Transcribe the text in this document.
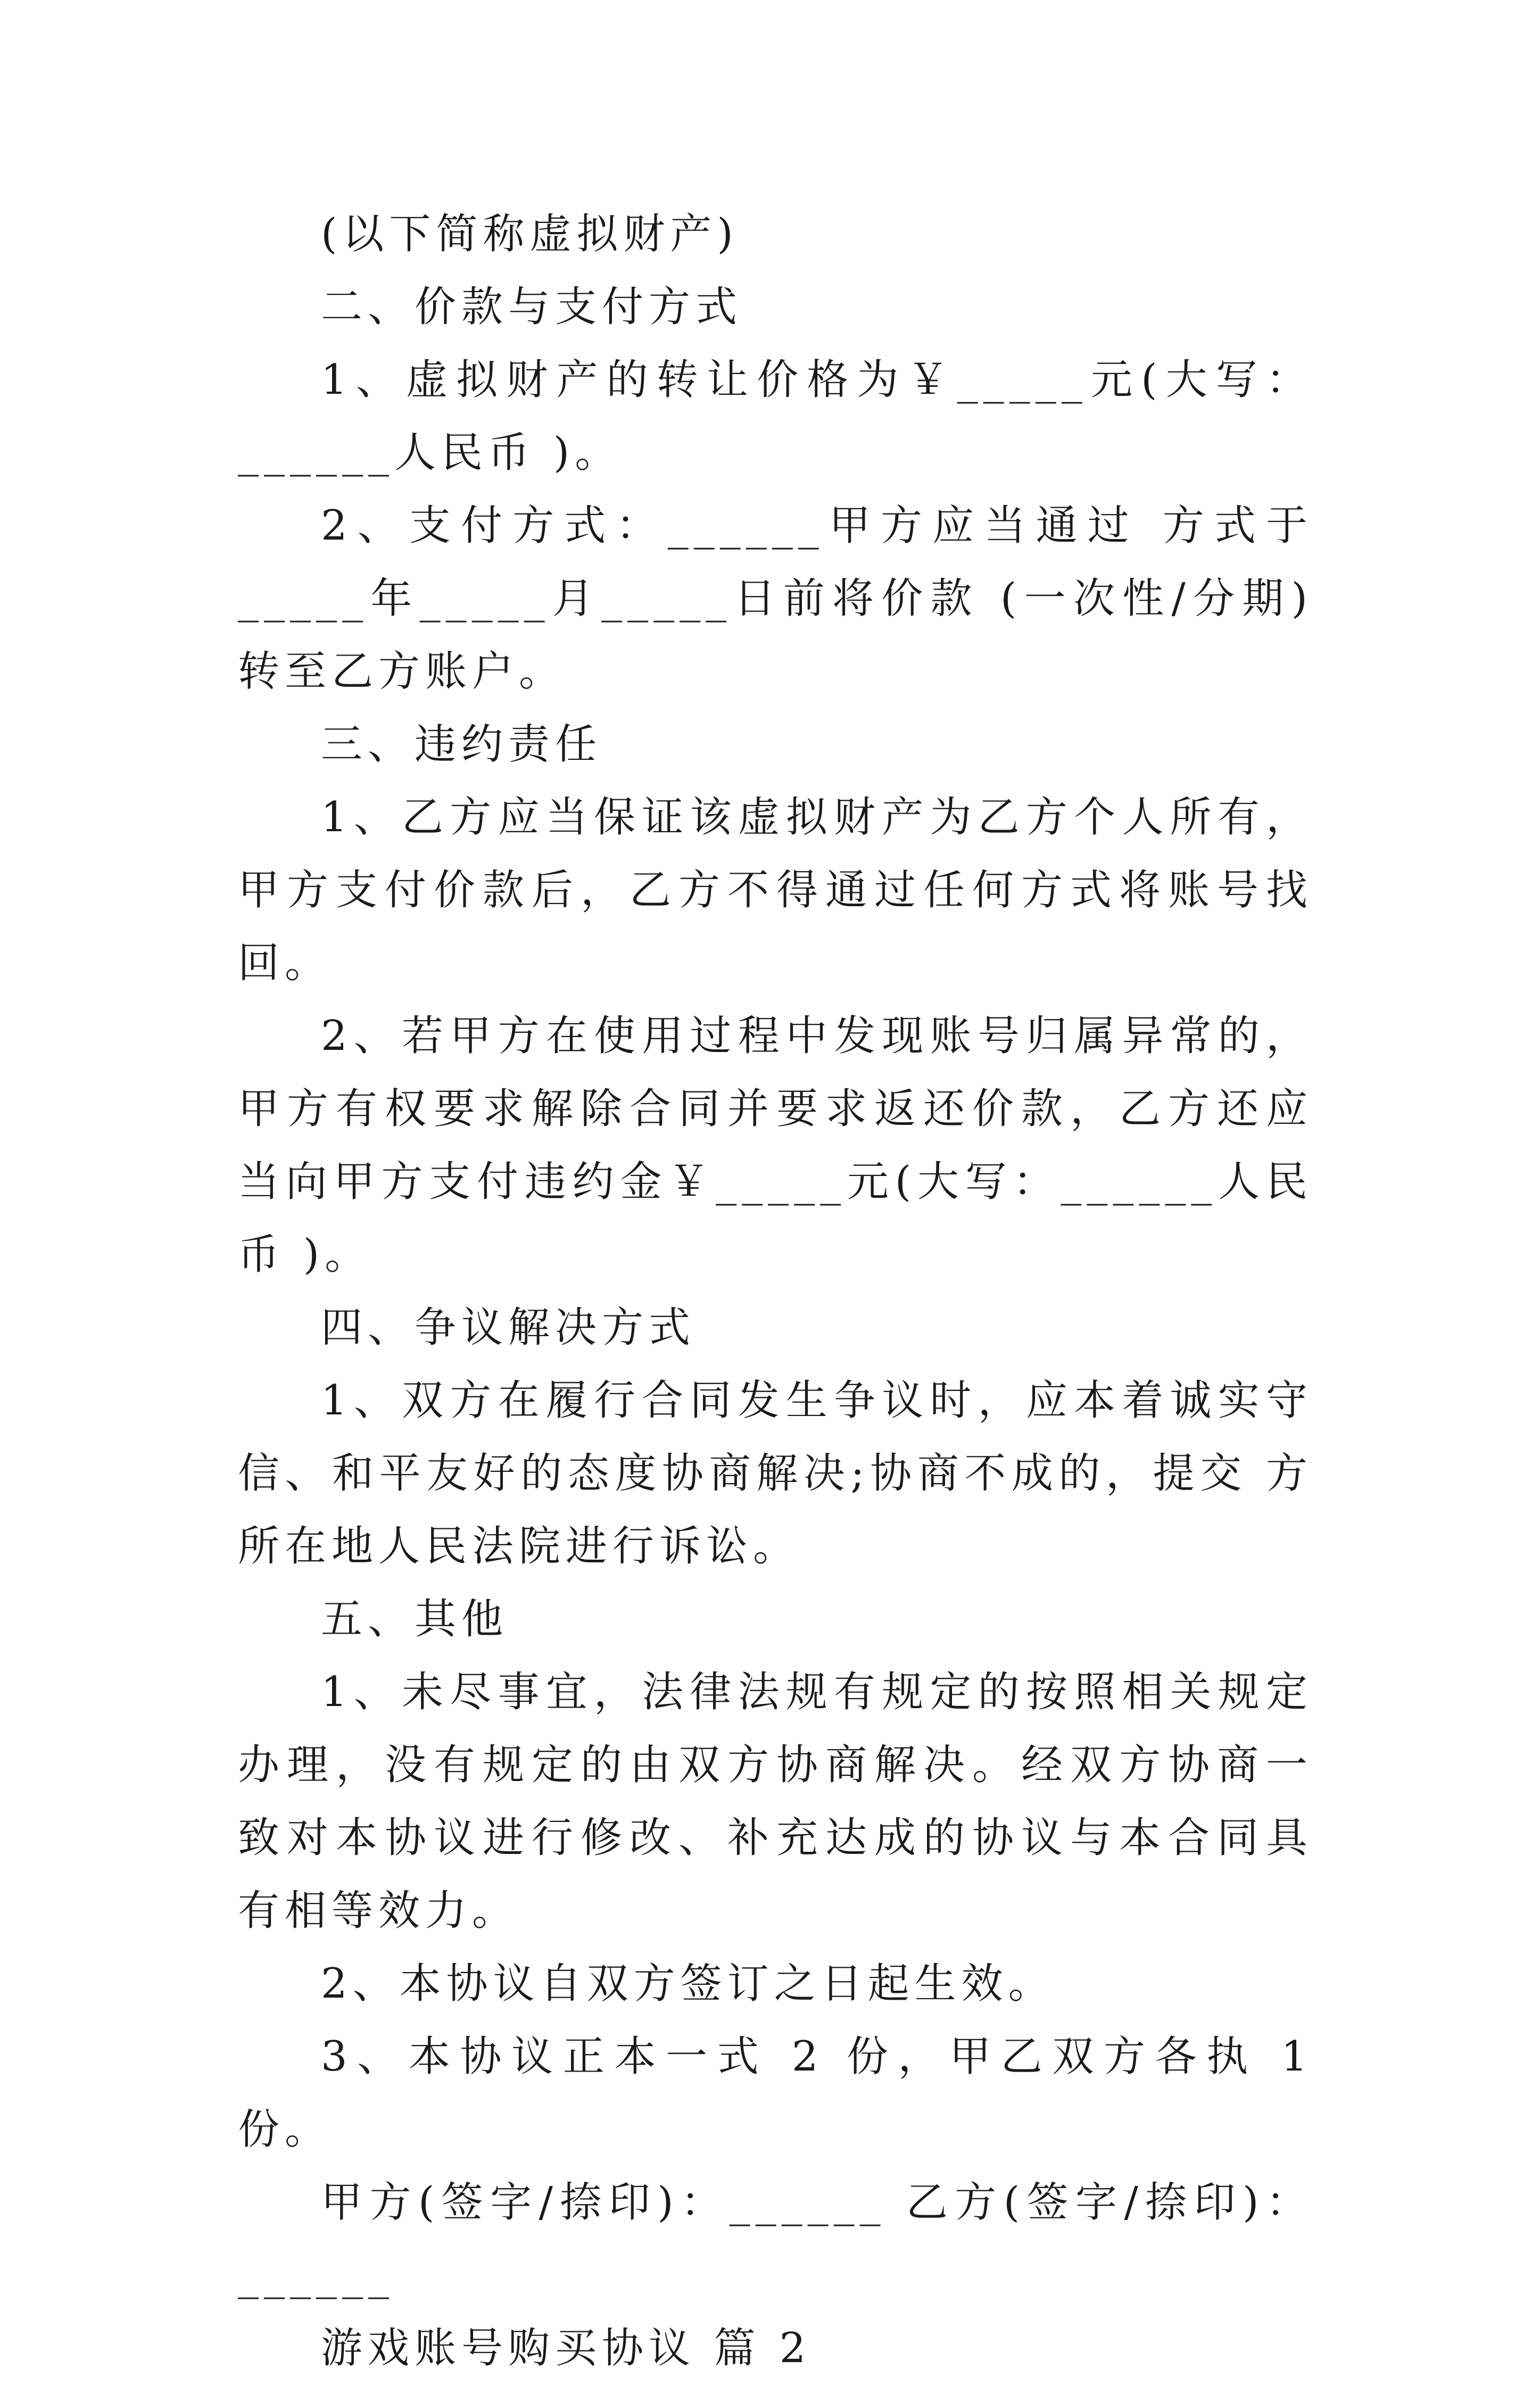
(以下简称虚拟财产)

二、价款与支付方式

1、虚拟财产的转让价格为￥_____元(大写：______人民币 )。

2、支付方式：______甲方应当通过 方式于_____年_____月_____日前将价款 (一次性/分期)转至乙方账户。

三、违约责任

1、乙方应当保证该虚拟财产为乙方个人所有，甲方支付价款后，乙方不得通过任何方式将账号找回。

2、若甲方在使用过程中发现账号归属异常的，甲方有权要求解除合同并要求返还价款，乙方还应当向甲方支付违约金￥_____元(大写：______人民币 )。

四、争议解决方式

1、双方在履行合同发生争议时，应本着诚实守信、和平友好的态度协商解决;协商不成的，提交 方所在地人民法院进行诉讼。

五、其他

1、未尽事宜，法律法规有规定的按照相关规定办理，没有规定的由双方协商解决。经双方协商一致对本协议进行修改、补充达成的协议与本合同具有相等效力。

2、本协议自双方签订之日起生效。

3、本协议正本一式 2 份，甲乙双方各执 1 份。

甲方(签字/捺印)：______ 乙方(签字/捺印)：______

游戏账号购买协议 篇 2
